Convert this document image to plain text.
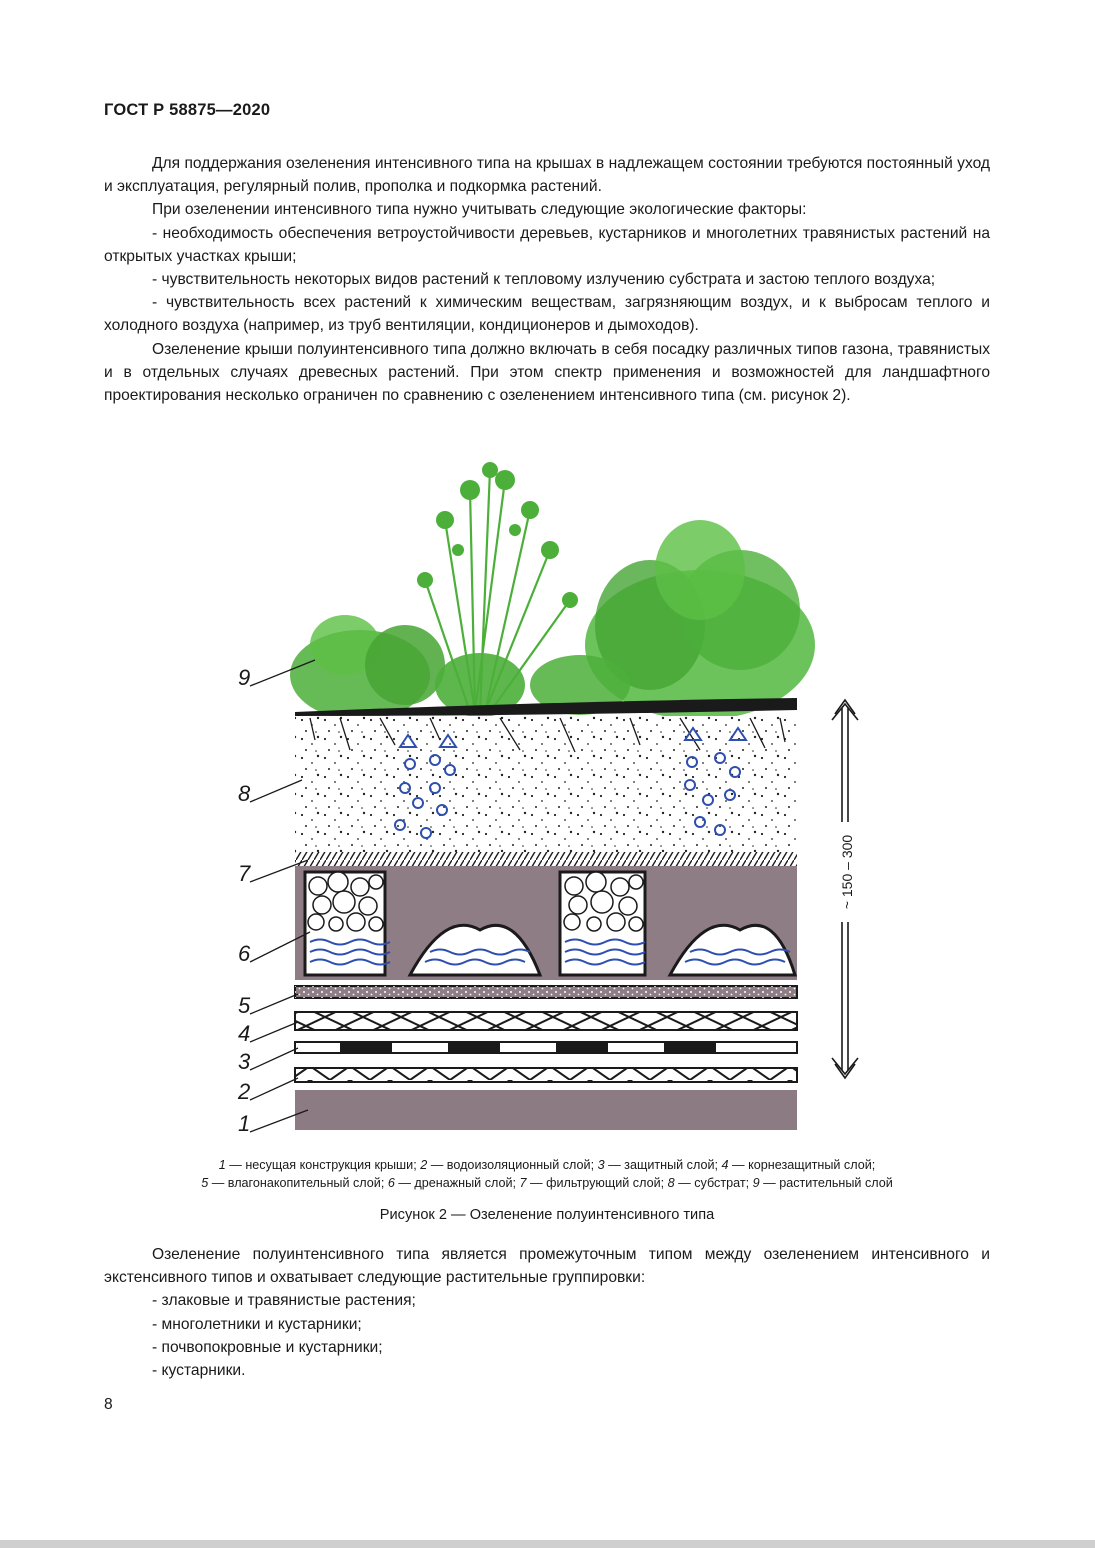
ГОСТ Р 58875—2020

Для поддержания озеленения интенсивного типа на крышах в надлежащем состоянии требуются постоянный уход и эксплуатация, регулярный полив, прополка и подкормка растений.

При озеленении интенсивного типа нужно учитывать следующие экологические факторы:

- необходимость обеспечения ветроустойчивости деревьев, кустарников и многолетних травянистых растений на открытых участках крыши;

- чувствительность некоторых видов растений к тепловому излучению субстрата и застою теплого воздуха;

- чувствительность всех растений к химическим веществам, загрязняющим воздух, и к выбросам теплого и холодного воздуха (например, из труб вентиляции, кондиционеров и дымоходов).

Озеленение крыши полуинтенсивного типа должно включать в себя посадку различных типов газона, травянистых и в отдельных случаях древесных растений. При этом спектр применения и возможностей для ландшафтного проектирования несколько ограничен по сравнению с озеленением интенсивного типа (см. рисунок 2).

~ 150 – 300
9
8
7
6
5
4
3
2
1
1 — несущая конструкция крыши; 2 — водоизоляционный слой; 3 — защитный слой; 4 — корнезащитный слой;
5 — влагонакопительный слой; 6 — дренажный слой; 7 — фильтрующий слой; 8 — субстрат; 9 — растительный слой
Рисунок 2 — Озеленение полуинтенсивного типа

Озеленение полуинтенсивного типа является промежуточным типом между озеленением интенсивного и экстенсивного типов и охватывает следующие растительные группировки:

- злаковые и травянистые растения;

- многолетники и кустарники;

- почвопокровные и кустарники;

- кустарники.

8
